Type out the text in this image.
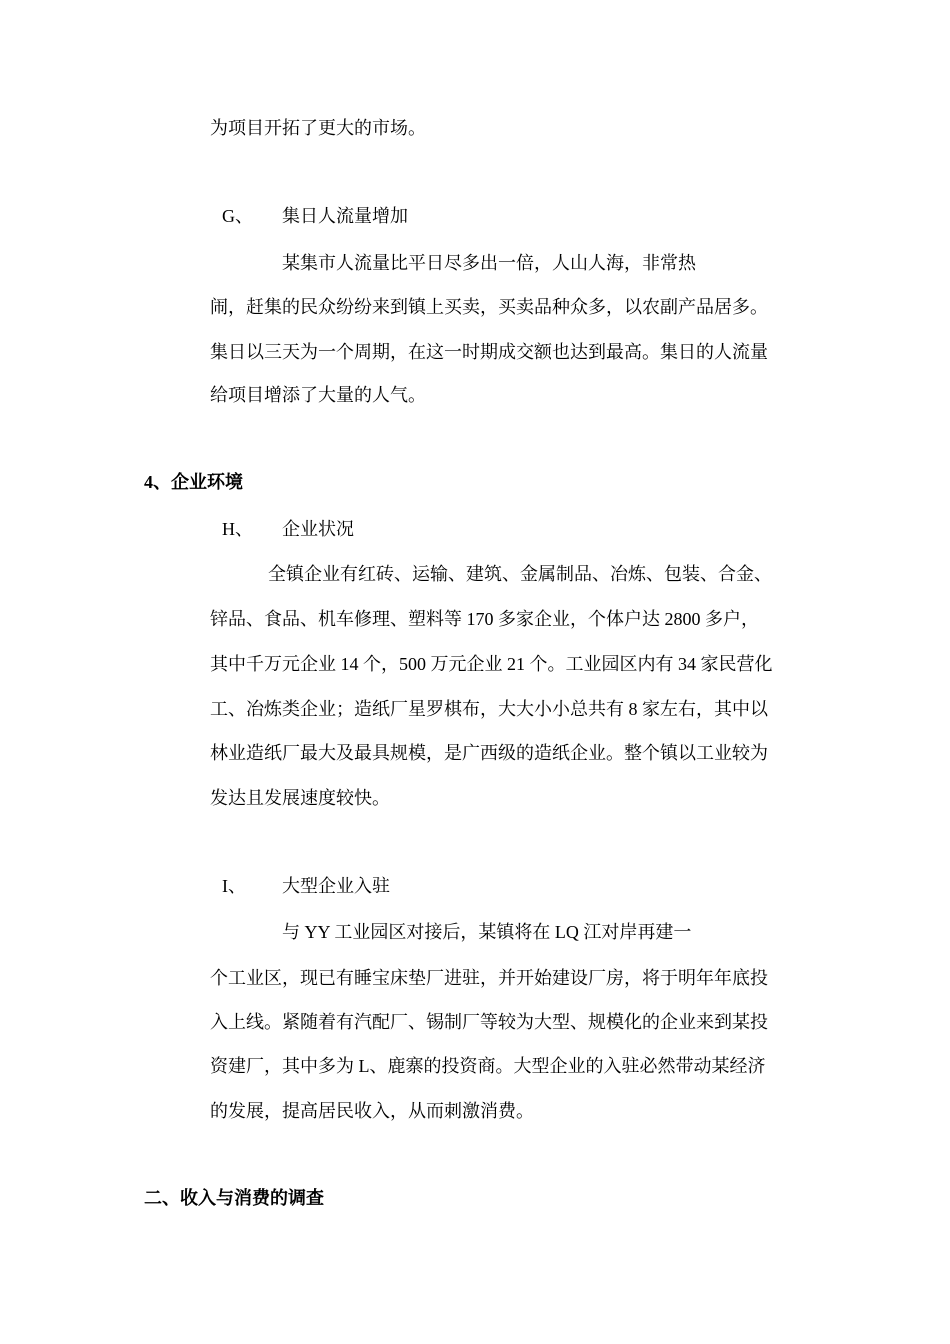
为项目开拓了更大的市场。
G、 集日人流量增加
某集市人流量比平日尽多出一倍，人山人海，非常热
闹，赶集的民众纷纷来到镇上买卖，买卖品种众多，以农副产品居多。
集日以三天为一个周期，在这一时期成交额也达到最高。集日的人流量
给项目增添了大量的人气。
4、企业环境
H、 企业状况
全镇企业有红砖、运输、建筑、金属制品、冶炼、包装、合金、
锌品、食品、机车修理、塑料等 170 多家企业，个体户达 2800 多户，
其中千万元企业 14 个，500 万元企业 21 个。工业园区内有 34 家民营化
工、冶炼类企业；造纸厂星罗棋布，大大小小总共有 8 家左右，其中以
林业造纸厂最大及最具规模，是广西级的造纸企业。整个镇以工业较为
发达且发展速度较快。
I、 大型企业入驻
与 YY 工业园区对接后，某镇将在 LQ 江对岸再建一
个工业区，现已有睡宝床垫厂进驻，并开始建设厂房，将于明年年底投
入上线。紧随着有汽配厂、锡制厂等较为大型、规模化的企业来到某投
资建厂，其中多为 L、鹿寨的投资商。大型企业的入驻必然带动某经济
的发展，提高居民收入，从而刺激消费。
二、收入与消费的调查
